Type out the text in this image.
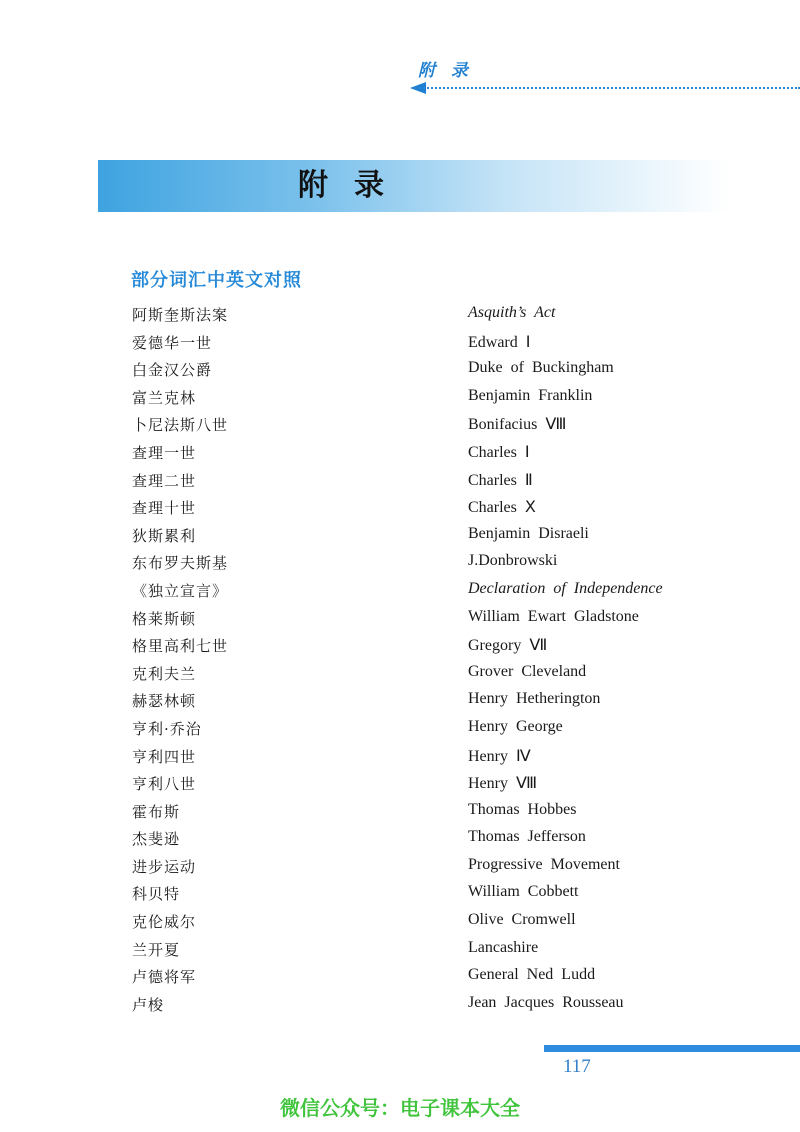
附 录
附录
部分词汇中英文对照
阿斯奎斯法案	Asquith’s Act
爱德华一世	Edward Ⅰ
白金汉公爵	Duke of Buckingham
富兰克林	Benjamin Franklin
卜尼法斯八世	Bonifacius Ⅷ
查理一世	Charles Ⅰ
查理二世	Charles Ⅱ
查理十世	Charles Ⅹ
狄斯累利	Benjamin Disraeli
东布罗夫斯基	J.Donbrowski
《独立宣言》	Declaration of Independence
格莱斯顿	William Ewart Gladstone
格里高利七世	Gregory Ⅶ
克利夫兰	Grover Cleveland
赫瑟林顿	Henry Hetherington
亨利·乔治	Henry George
亨利四世	Henry Ⅳ
亨利八世	Henry Ⅷ
霍布斯	Thomas Hobbes
杰斐逊	Thomas Jefferson
进步运动	Progressive Movement
科贝特	William Cobbett
克伦威尔	Olive Cromwell
兰开夏	Lancashire
卢德将军	General Ned Ludd
卢梭	Jean Jacques Rousseau
117
微信公众号：电子课本大全
